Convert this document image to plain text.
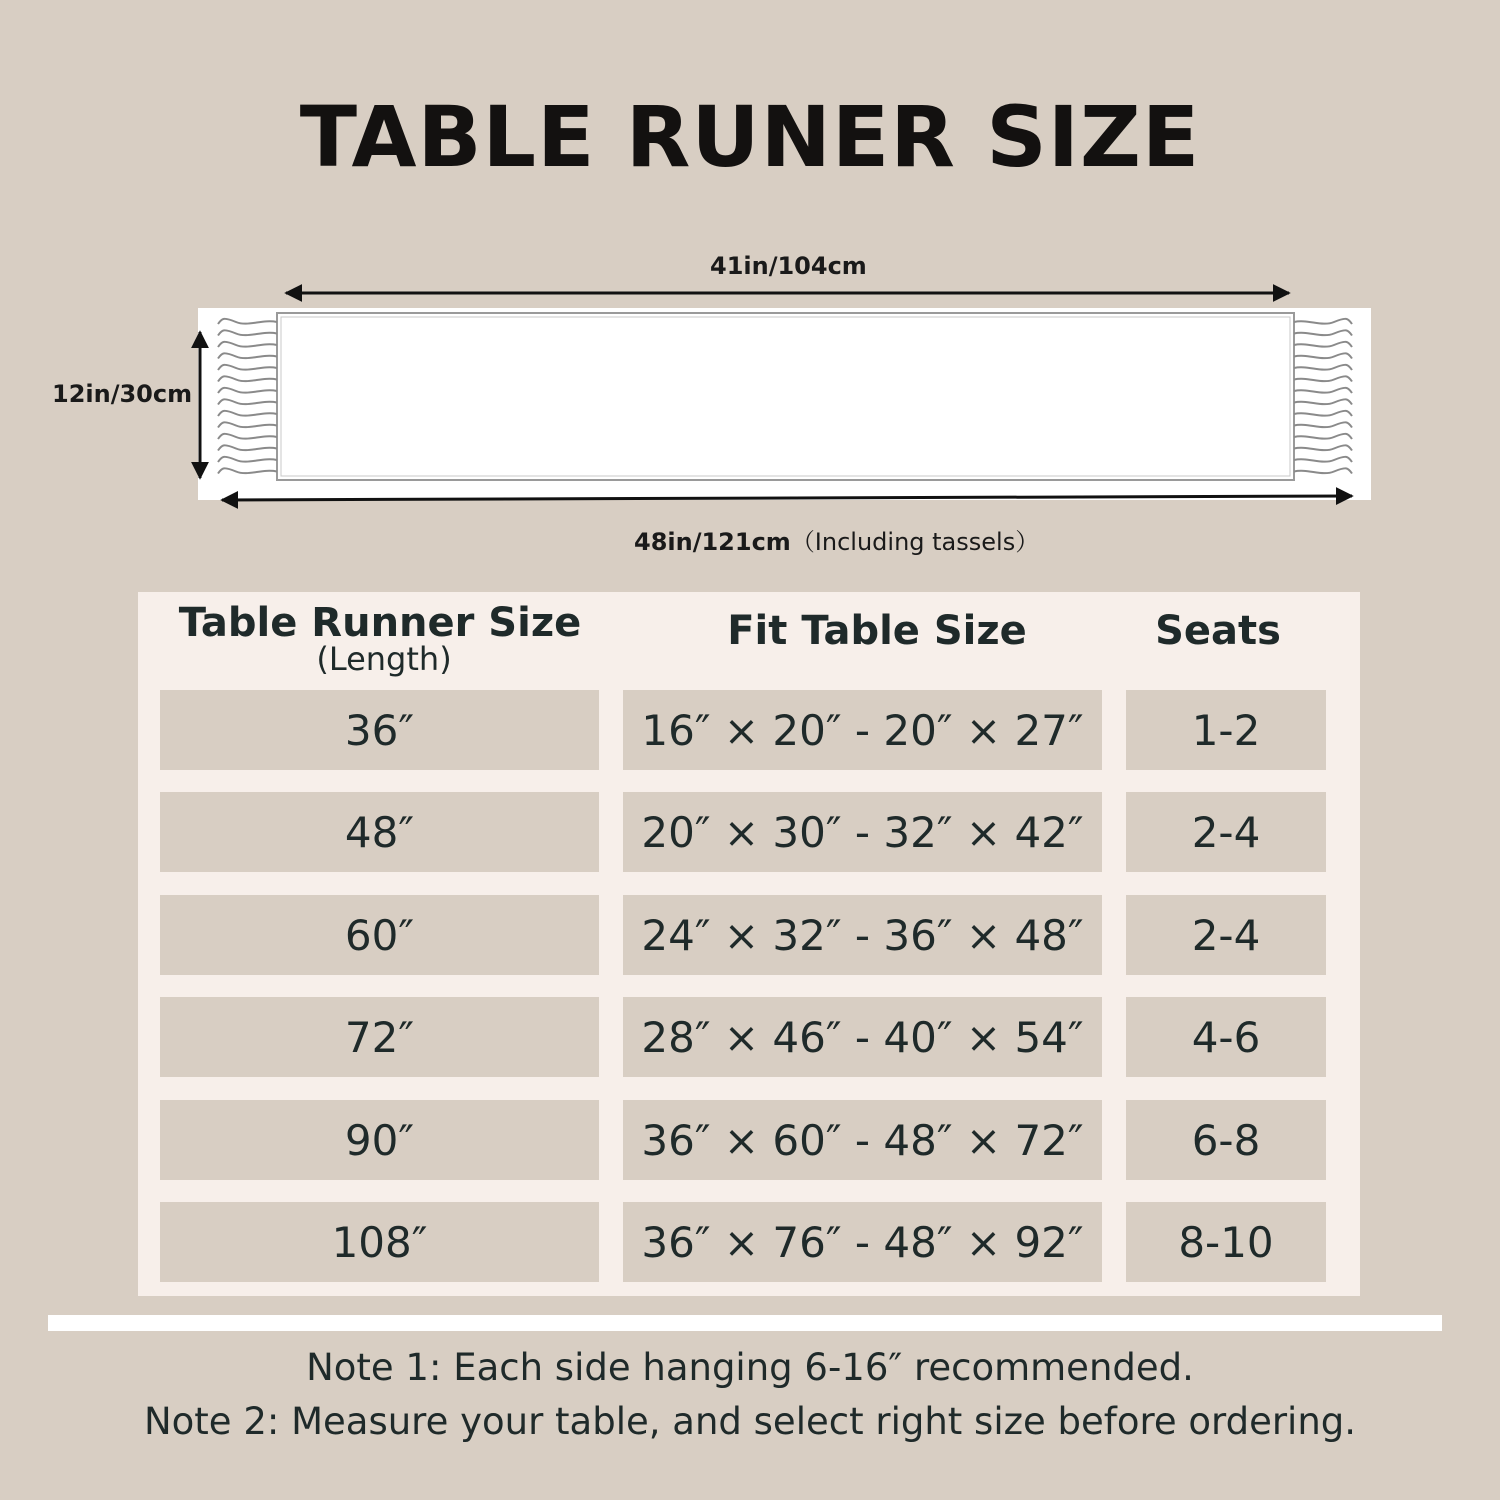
TABLE RUNER SIZE
41in/104cm
12in/30cm
48in/121cm（Including tassels）
Table Runner Size
(Length)
Fit Table Size	Seats
36″	16″ × 20″ - 20″ × 27″	1-2
48″	20″ × 30″ - 32″ × 42″	2-4
60″	24″ × 32″ - 36″ × 48″	2-4
72″	28″ × 46″ - 40″ × 54″	4-6
90″	36″ × 60″ - 48″ × 72″	6-8
108″	36″ × 76″ - 48″ × 92″	8-10
Note 1: Each side hanging 6-16″ recommended.
Note 2: Measure your table, and select right size before ordering.
